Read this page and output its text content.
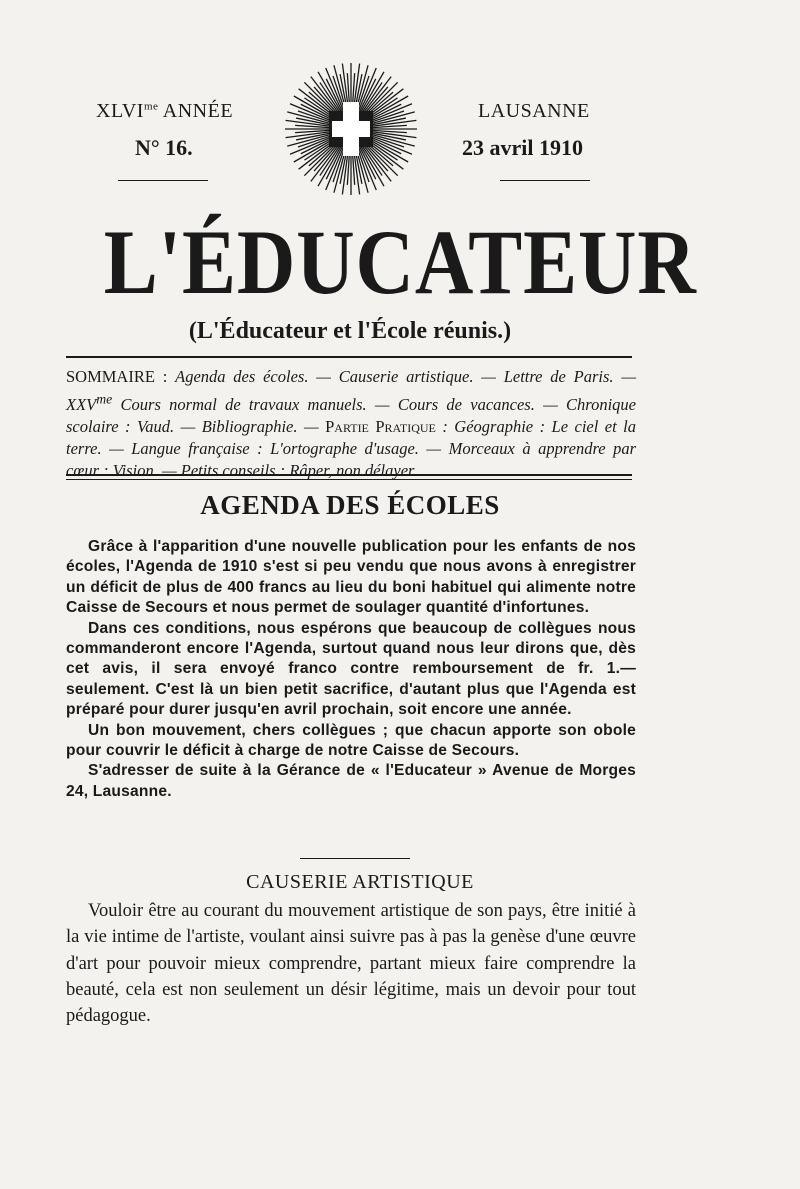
$XLVI^{me}$ ANNÉE
N° 16.
LAUSANNE
23 avril 1910
L'ÉDUCATEUR
(L'Éducateur et l'École réunis.)

SOMMAIRE : Agenda des écoles. — Causerie artistique. — Lettre de Paris. — $XXV^{me}$ Cours normal de travaux manuels. — Cours de vacances. — Chronique scolaire : Vaud. — Bibliographie. — Partie Pratique : Géographie : Le ciel et la terre. — Langue française : L'ortographe d'usage. — Morceaux à apprendre par cœur : Vision. — Petits conseils : Râper, non délayer.

AGENDA DES ÉCOLES

Grâce à l'apparition d'une nouvelle publication pour les enfants de nos écoles, l'Agenda de 1910 s'est si peu vendu que nous avons à enregistrer un déficit de plus de 400 francs au lieu du boni habituel qui alimente notre Caisse de Secours et nous permet de soulager quantité d'infortunes.

Dans ces conditions, nous espérons que beaucoup de collègues nous commanderont encore l'Agenda, surtout quand nous leur dirons que, dès cet avis, il sera envoyé franco contre remboursement de fr. 1.— seulement. C'est là un bien petit sacrifice, d'autant plus que l'Agenda est préparé pour durer jusqu'en avril prochain, soit encore une année.

Un bon mouvement, chers collègues ; que chacun apporte son obole pour couvrir le déficit à charge de notre Caisse de Secours.

S'adresser de suite à la Gérance de « l'Educateur » Avenue de Morges 24, Lausanne.

CAUSERIE ARTISTIQUE

Vouloir être au courant du mouvement artistique de son pays, être initié à la vie intime de l'artiste, voulant ainsi suivre pas à pas la genèse d'une œuvre d'art pour pouvoir mieux comprendre, partant mieux faire comprendre la beauté, cela est non seulement un désir légitime, mais un devoir pour tout pédagogue.
